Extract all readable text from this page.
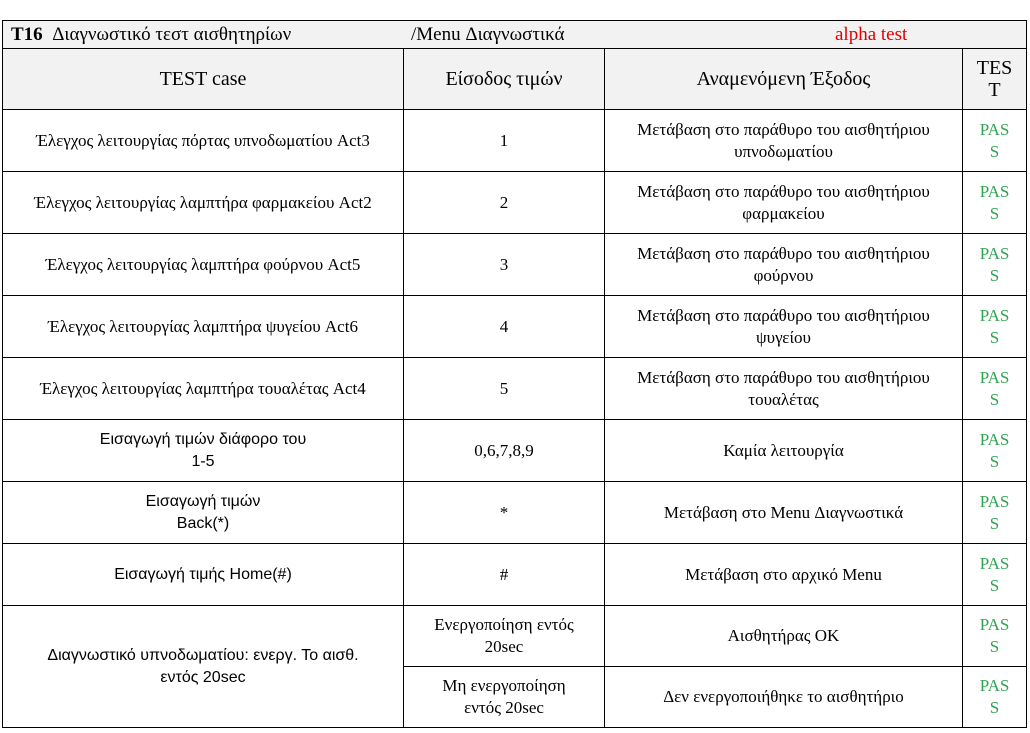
T16 Διαγνωστικό τεστ αισθητηρίων /Menu Διαγνωστικά alpha test			

TEST case	Είσοδος τιμών	Αναμενόμενη Έξοδος	TES
T
Έλεγχος λειτουργίας πόρτας υπνοδωματίου Act3	1	Μετάβαση στο παράθυρο του αισθητήριου υπνοδωματίου	PAS
S
Έλεγχος λειτουργίας λαμπτήρα φαρμακείου Act2	2	Μετάβαση στο παράθυρο του αισθητήριου φαρμακείου	PAS
S
Έλεγχος λειτουργίας λαμπτήρα φούρνου Act5	3	Μετάβαση στο παράθυρο του αισθητήριου φούρνου	PAS
S
Έλεγχος λειτουργίας λαμπτήρα ψυγείου Act6	4	Μετάβαση στο παράθυρο του αισθητήριου ψυγείου	PAS
S
Έλεγχος λειτουργίας λαμπτήρα τουαλέτας Act4	5	Μετάβαση στο παράθυρο του αισθητήριου τουαλέτας	PAS
S
Εισαγωγή τιμών διάφορο του
1-5	0,6,7,8,9	Καμία λειτουργία	PAS
S
Εισαγωγή τιμών
Back(*)	*	Μετάβαση στο Menu Διαγνωστικά	PAS
S
Εισαγωγή τιμής Home(#)	#	Μετάβαση στο αρχικό Menu	PAS
S
Διαγνωστικό υπνοδωματίου: ενεργ. Το αισθ.
εντός 20sec	Ενεργοποίηση εντός
20sec	Αισθητήρας ΟΚ	PAS
S
	Μη ενεργοποίηση
εντός 20sec	Δεν ενεργοποιήθηκε το αισθητήριο	PAS
S
